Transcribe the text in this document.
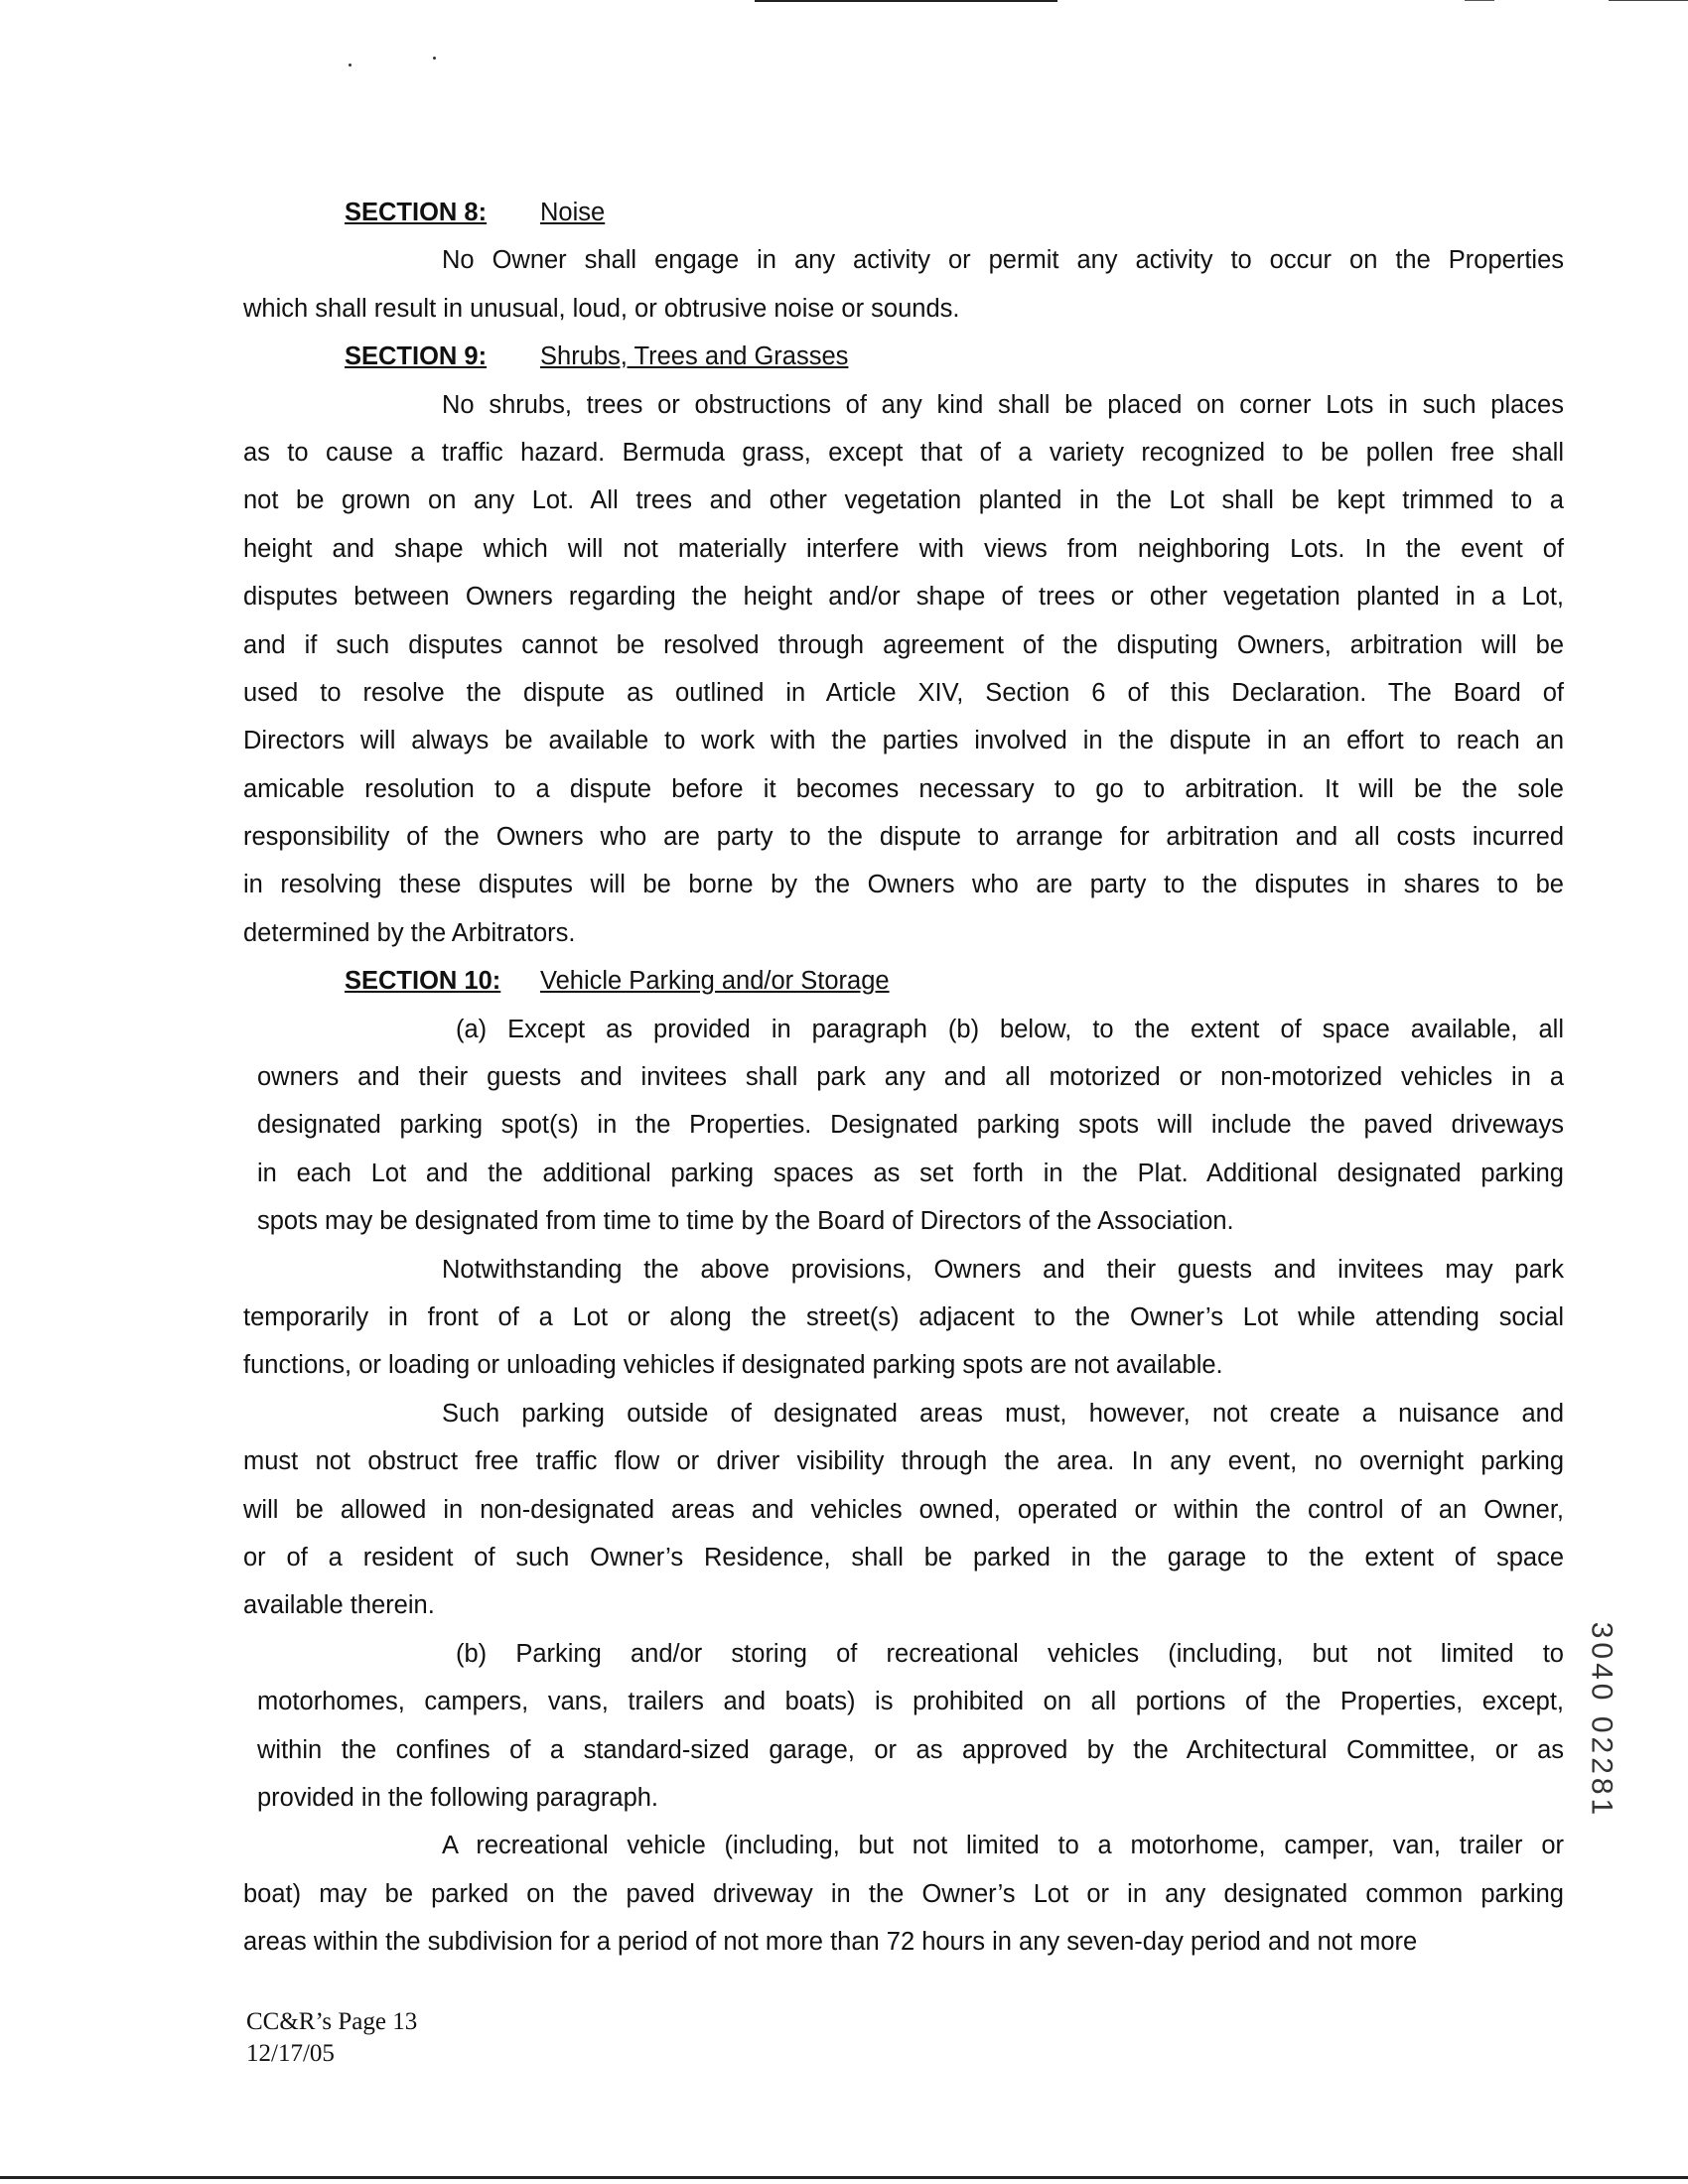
SECTION 8: Noise
No Owner shall engage in any activity or permit any activity to occur on the Properties
which shall result in unusual, loud, or obtrusive noise or sounds.
SECTION 9: Shrubs, Trees and Grasses
No shrubs, trees or obstructions of any kind shall be placed on corner Lots in such places
as to cause a traffic hazard. Bermuda grass, except that of a variety recognized to be pollen free shall
not be grown on any Lot. All trees and other vegetation planted in the Lot shall be kept trimmed to a
height and shape which will not materially interfere with views from neighboring Lots. In the event of
disputes between Owners regarding the height and/or shape of trees or other vegetation planted in a Lot,
and if such disputes cannot be resolved through agreement of the disputing Owners, arbitration will be
used to resolve the dispute as outlined in Article XIV, Section 6 of this Declaration. The Board of
Directors will always be available to work with the parties involved in the dispute in an effort to reach an
amicable resolution to a dispute before it becomes necessary to go to arbitration. It will be the sole
responsibility of the Owners who are party to the dispute to arrange for arbitration and all costs incurred
in resolving these disputes will be borne by the Owners who are party to the disputes in shares to be
determined by the Arbitrators.
SECTION 10: Vehicle Parking and/or Storage
(a) Except as provided in paragraph (b) below, to the extent of space available, all
owners and their guests and invitees shall park any and all motorized or non-motorized vehicles in a
designated parking spot(s) in the Properties. Designated parking spots will include the paved driveways
in each Lot and the additional parking spaces as set forth in the Plat. Additional designated parking
spots may be designated from time to time by the Board of Directors of the Association.
Notwithstanding the above provisions, Owners and their guests and invitees may park
temporarily in front of a Lot or along the street(s) adjacent to the Owner’s Lot while attending social
functions, or loading or unloading vehicles if designated parking spots are not available.
Such parking outside of designated areas must, however, not create a nuisance and
must not obstruct free traffic flow or driver visibility through the area. In any event, no overnight parking
will be allowed in non-designated areas and vehicles owned, operated or within the control of an Owner,
or of a resident of such Owner’s Residence, shall be parked in the garage to the extent of space
available therein.
(b) Parking and/or storing of recreational vehicles (including, but not limited to
motorhomes, campers, vans, trailers and boats) is prohibited on all portions of the Properties, except,
within the confines of a standard-sized garage, or as approved by the Architectural Committee, or as
provided in the following paragraph.
A recreational vehicle (including, but not limited to a motorhome, camper, van, trailer or
boat) may be parked on the paved driveway in the Owner’s Lot or in any designated common parking
areas within the subdivision for a period of not more than 72 hours in any seven-day period and not more
CC&R’s Page 13
12/17/05
3040 02281
